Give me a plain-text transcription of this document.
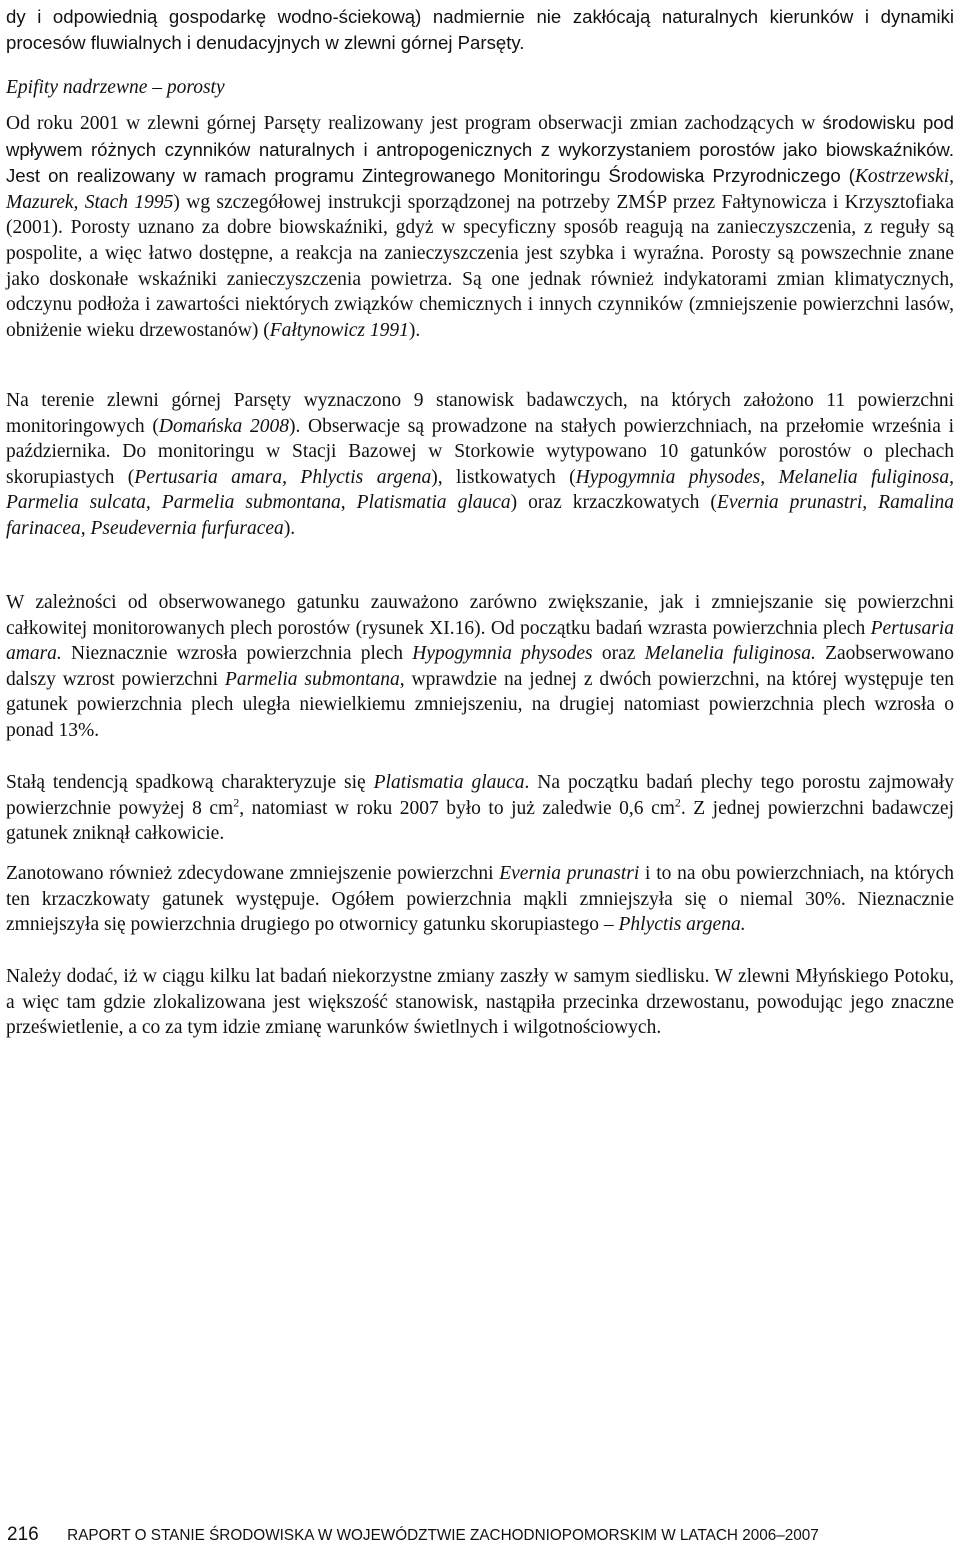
dy i odpowiednią gospodarkę wodno-ściekową) nadmiernie nie zakłócają naturalnych kierunków i dynamiki procesów fluwialnych i denudacyjnych w zlewni górnej Parsęty.

Epifity nadrzewne – porosty

Od roku 2001 w zlewni górnej Parsęty realizowany jest program obserwacji zmian zachodzących w środowisku pod wpływem różnych czynników naturalnych i antropogenicznych z wykorzystaniem porostów jako biowskaźników. Jest on realizowany w ramach programu Zintegrowanego Monitoringu Środowiska Przyrodniczego (Kostrzewski, Mazurek, Stach 1995) wg szczegółowej instrukcji sporządzonej na potrzeby ZMŚP przez Fałtynowicza i Krzysztofiaka (2001). Porosty uznano za dobre biowskaźniki, gdyż w specyficzny sposób reagują na zanieczyszczenia, z reguły są pospolite, a więc łatwo dostępne, a reakcja na zanieczyszczenia jest szybka i wyraźna. Porosty są powszechnie znane jako doskonałe wskaźniki zanieczyszczenia powietrza. Są one jednak również indykatorami zmian klimatycznych, odczynu podłoża i zawartości niektórych związków chemicznych i innych czynników (zmniejszenie powierzchni lasów, obniżenie wieku drzewostanów) (Fałtynowicz 1991).

Na terenie zlewni górnej Parsęty wyznaczono 9 stanowisk badawczych, na których założono 11 powierzchni monitoringowych (Domańska 2008). Obserwacje są prowadzone na stałych powierzchniach, na przełomie września i października. Do monitoringu w Stacji Bazowej w Storkowie wytypowano 10 gatunków porostów o plechach skorupiastych (Pertusaria amara, Phlyctis argena), listkowatych (Hypogymnia physodes, Melanelia fuliginosa, Parmelia sulcata, Parmelia submontana, Platismatia glauca) oraz krzaczkowatych (Evernia prunastri, Ramalina farinacea, Pseudevernia furfuracea).

W zależności od obserwowanego gatunku zauważono zarówno zwiększanie, jak i zmniejszanie się powierzchni całkowitej monitorowanych plech porostów (rysunek XI.16). Od początku badań wzrasta powierzchnia plech Pertusaria amara. Nieznacznie wzrosła powierzchnia plech Hypogymnia physodes oraz Melanelia fuliginosa. Zaobserwowano dalszy wzrost powierzchni Parmelia submontana, wprawdzie na jednej z dwóch powierzchni, na której występuje ten gatunek powierzchnia plech uległa niewielkiemu zmniejszeniu, na drugiej natomiast powierzchnia plech wzrosła o ponad 13%.

Stałą tendencją spadkową charakteryzuje się Platismatia glauca. Na początku badań plechy tego porostu zajmowały powierzchnie powyżej 8 $cm^2$, natomiast w roku 2007 było to już zaledwie 0,6 $cm^2$. Z jednej powierzchni badawczej gatunek zniknął całkowicie.

Zanotowano również zdecydowane zmniejszenie powierzchni Evernia prunastri i to na obu powierzchniach, na których ten krzaczkowaty gatunek występuje. Ogółem powierzchnia mąkli zmniejszyła się o niemal 30%. Nieznacznie zmniejszyła się powierzchnia drugiego po otwornicy gatunku skorupiastego – Phlyctis argena.

Należy dodać, iż w ciągu kilku lat badań niekorzystne zmiany zaszły w samym siedlisku. W zlewni Młyńskiego Potoku, a więc tam gdzie zlokalizowana jest większość stanowisk, nastąpiła przecinka drzewostanu, powodując jego znaczne prześwietlenie, a co za tym idzie zmianę warunków świetlnych i wilgotnościowych.

216 RAPORT O STANIE ŚRODOWISKA W WOJEWÓDZTWIE ZACHODNIOPOMORSKIM W LATACH 2006–2007
